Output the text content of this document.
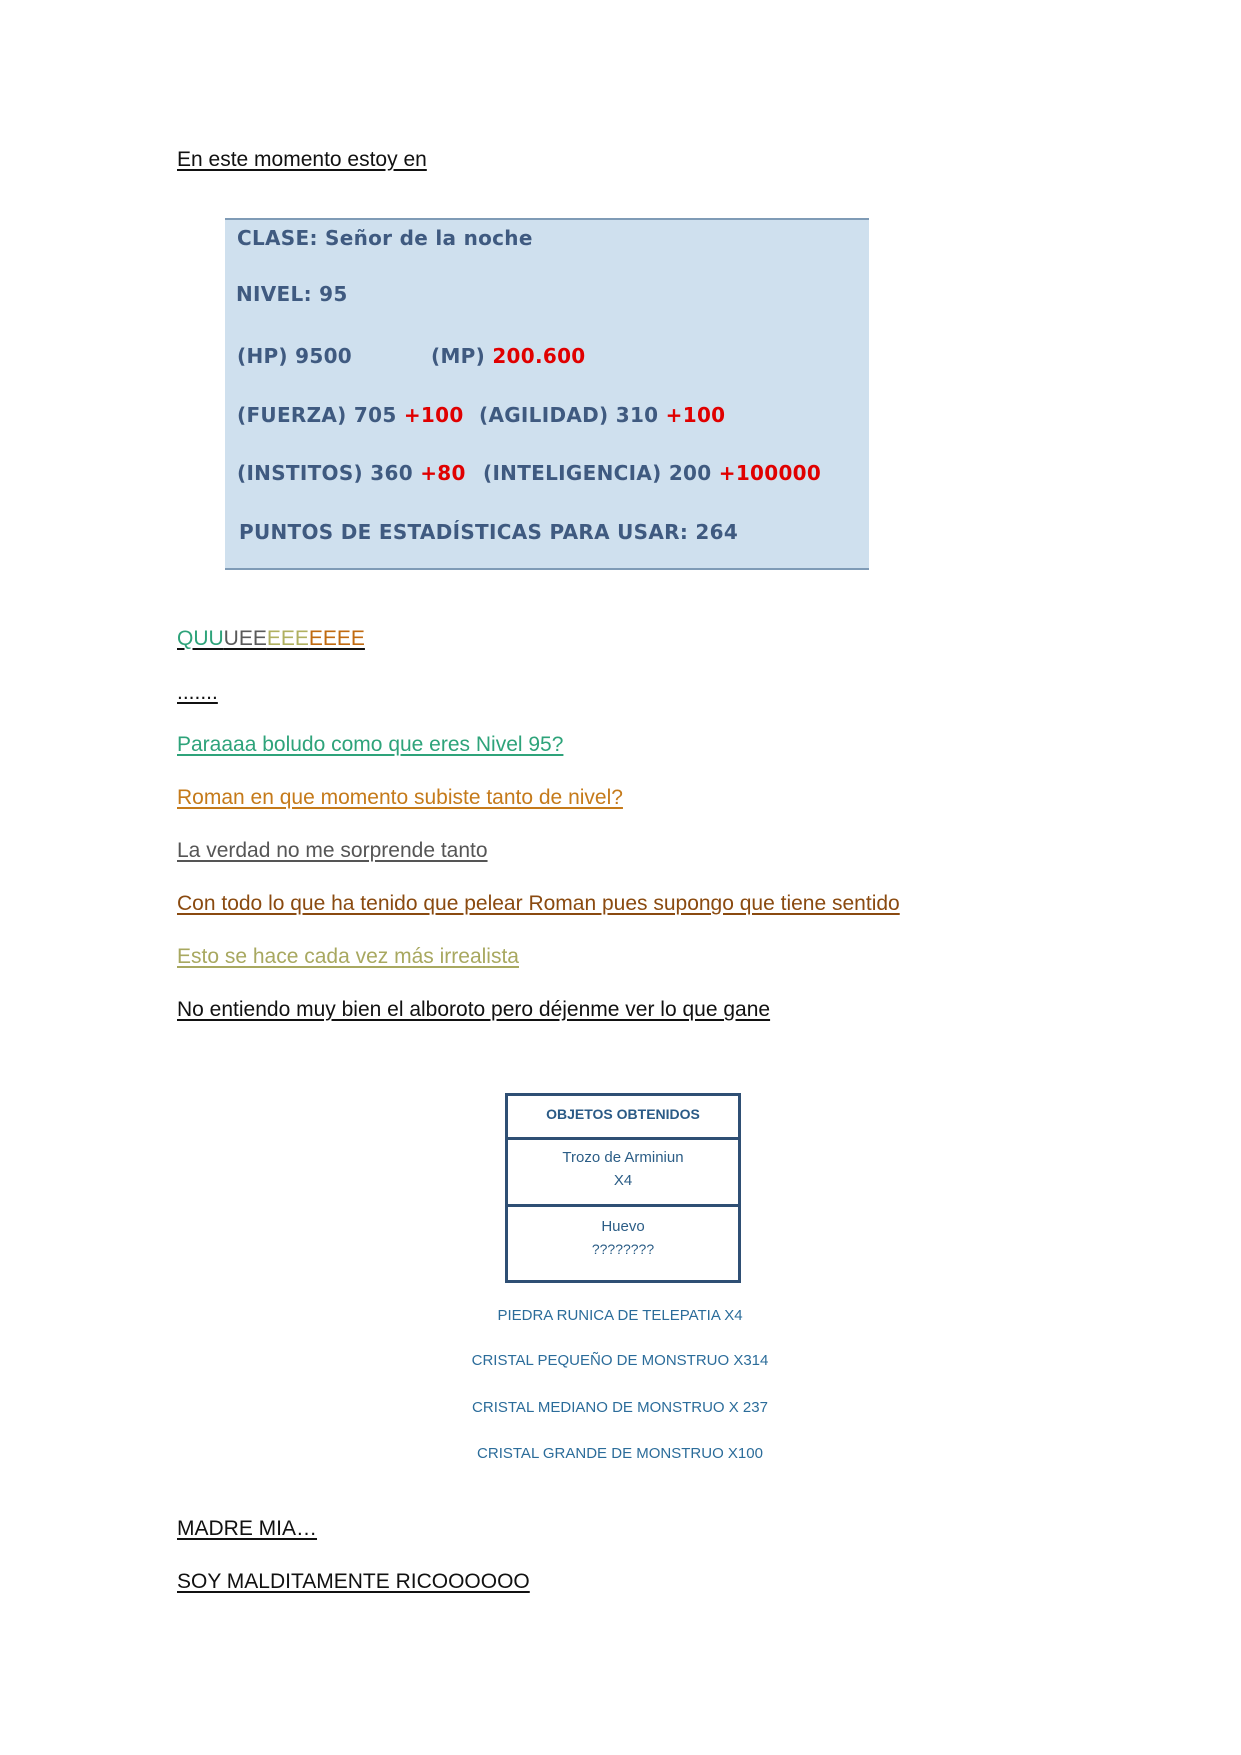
En este momento estoy en
CLASE: Señor de la noche
NIVEL: 95
(HP) 9500	(MP) 200.600
(FUERZA) 705 +100 (AGILIDAD) 310 +100
(INSTITOS) 360 +80 (INTELIGENCIA) 200 +100000
PUNTOS DE ESTADÍSTICAS PARA USAR: 264
QUUUEEEEEEEEE
.......
Paraaaa boludo como que eres Nivel 95?
Roman en que momento subiste tanto de nivel?
La verdad no me sorprende tanto
Con todo lo que ha tenido que pelear Roman pues supongo que tiene sentido
Esto se hace cada vez más irrealista
No entiendo muy bien el alboroto pero déjenme ver lo que gane
OBJETOS OBTENIDOS
Trozo de Arminiun
X4
Huevo
????????
PIEDRA RUNICA DE TELEPATIA X4
CRISTAL PEQUEÑO DE MONSTRUO X314
CRISTAL MEDIANO DE MONSTRUO X 237
CRISTAL GRANDE DE MONSTRUO X100
MADRE MIA…
SOY MALDITAMENTE RICOOOOOO
